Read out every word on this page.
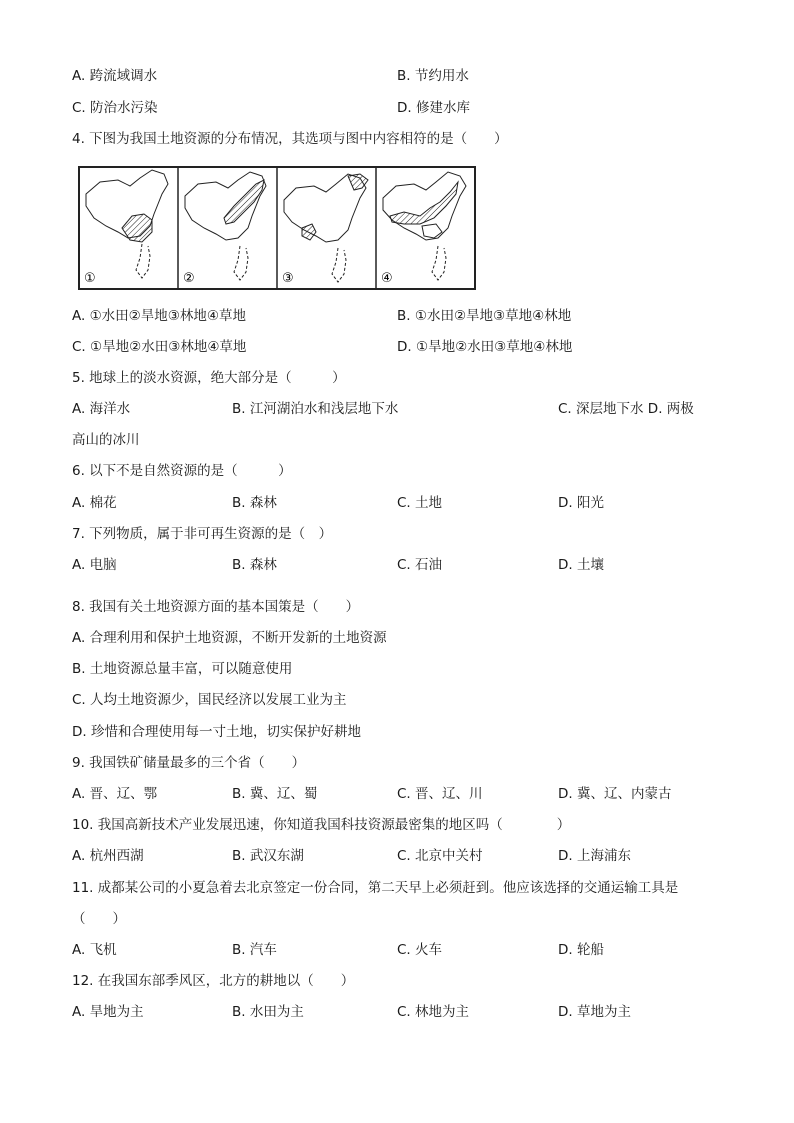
A. 跨流域调水	B. 节约用水
C. 防治水污染	D. 修建水库
4. 下图为我国土地资源的分布情况，其选项与图中内容相符的是（　　）
①	②	③	④
A. ①水田②旱地③林地④草地	B. ①水田②旱地③草地④林地
C. ①旱地②水田③林地④草地	D. ①旱地②水田③草地④林地
5. 地球上的淡水资源，绝大部分是（　　　）
A. 海洋水	B. 江河湖泊水和浅层地下水	C. 深层地下水 D. 两极
高山的冰川
6. 以下不是自然资源的是（　　　）
A. 棉花	B. 森林	C. 土地	D. 阳光
7. 下列物质，属于非可再生资源的是（　）
A. 电脑	B. 森林	C. 石油	D. 土壤
8. 我国有关土地资源方面的基本国策是（　　）
A. 合理利用和保护土地资源，不断开发新的土地资源
B. 土地资源总量丰富，可以随意使用
C. 人均土地资源少，国民经济以发展工业为主
D. 珍惜和合理使用每一寸土地，切实保护好耕地
9. 我国铁矿储量最多的三个省（　　）
A. 晋、辽、鄂	B. 冀、辽、蜀	C. 晋、辽、川	D. 冀、辽、内蒙古
10. 我国高新技术产业发展迅速，你知道我国科技资源最密集的地区吗（　　　　）
A. 杭州西湖	B. 武汉东湖	C. 北京中关村	D. 上海浦东
11. 成都某公司的小夏急着去北京签定一份合同，第二天早上必须赶到。他应该选择的交通运输工具是
（　　）
A. 飞机	B. 汽车	C. 火车	D. 轮船
12. 在我国东部季风区，北方的耕地以（　　）
A. 旱地为主	B. 水田为主	C. 林地为主	D. 草地为主
